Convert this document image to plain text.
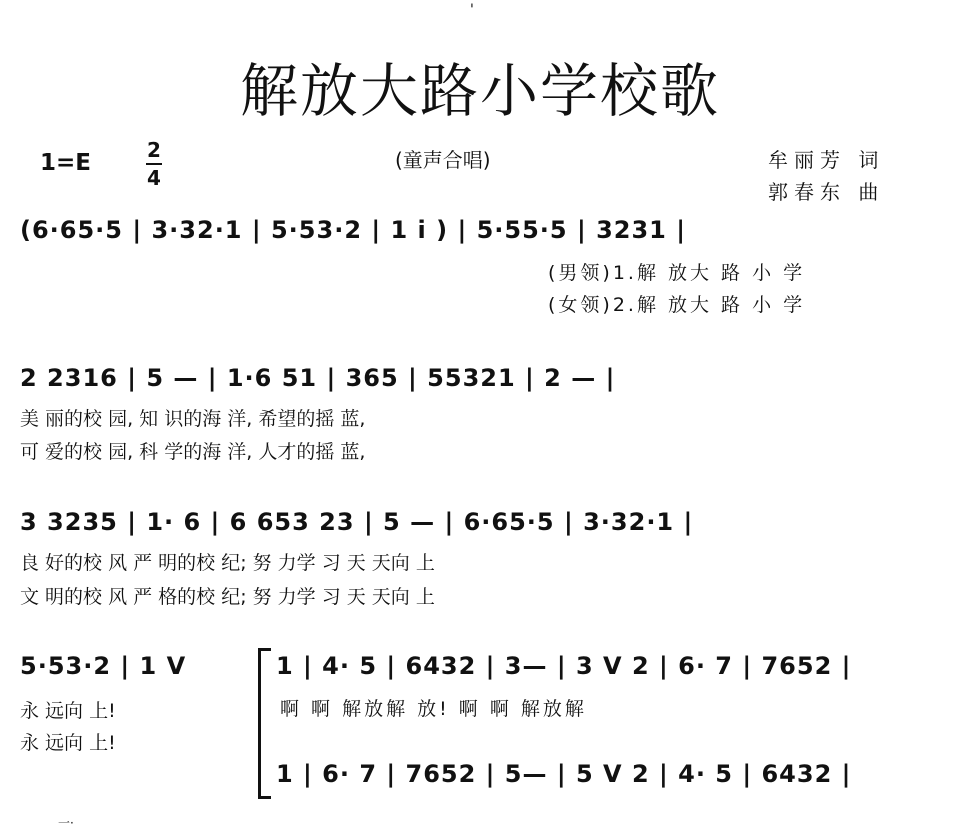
'
解放大路小学校歌
1=E	2
4
(童声合唱)	牟丽芳 词
郭春东 曲
(6·65·5 | 3·32·1 | 5·53·2 | 1 i ) | 5·55·5 | 3231 |
(男领)1.解 放大 路 小 学
(女领)2.解 放大 路 小 学
2 2316 | 5 — | 1·6 51 | 365 | 55321 | 2 — |
美 丽的校 园, 知 识的海 洋, 希望的摇 蓝,
可 爱的校 园, 科 学的海 洋, 人才的摇 蓝,
3 3235 | 1· 6 | 6 653 23 | 5 — | 6·65·5 | 3·32·1 |
良 好的校 风 严 明的校 纪; 努 力学 习 天 天向 上
文 明的校 风 严 格的校 纪; 努 力学 习 天 天向 上
5·53·2 | 1 V
永 远向 上!
永 远向 上!
1 | 4· 5 | 6432 | 3— | 3 V 2 | 6· 7 | 7652 |
啊 啊 解放解 放! 啊 啊 解放解
1 | 6· 7 | 7652 | 5— | 5 V 2 | 4· 5 | 6432 |
一·
